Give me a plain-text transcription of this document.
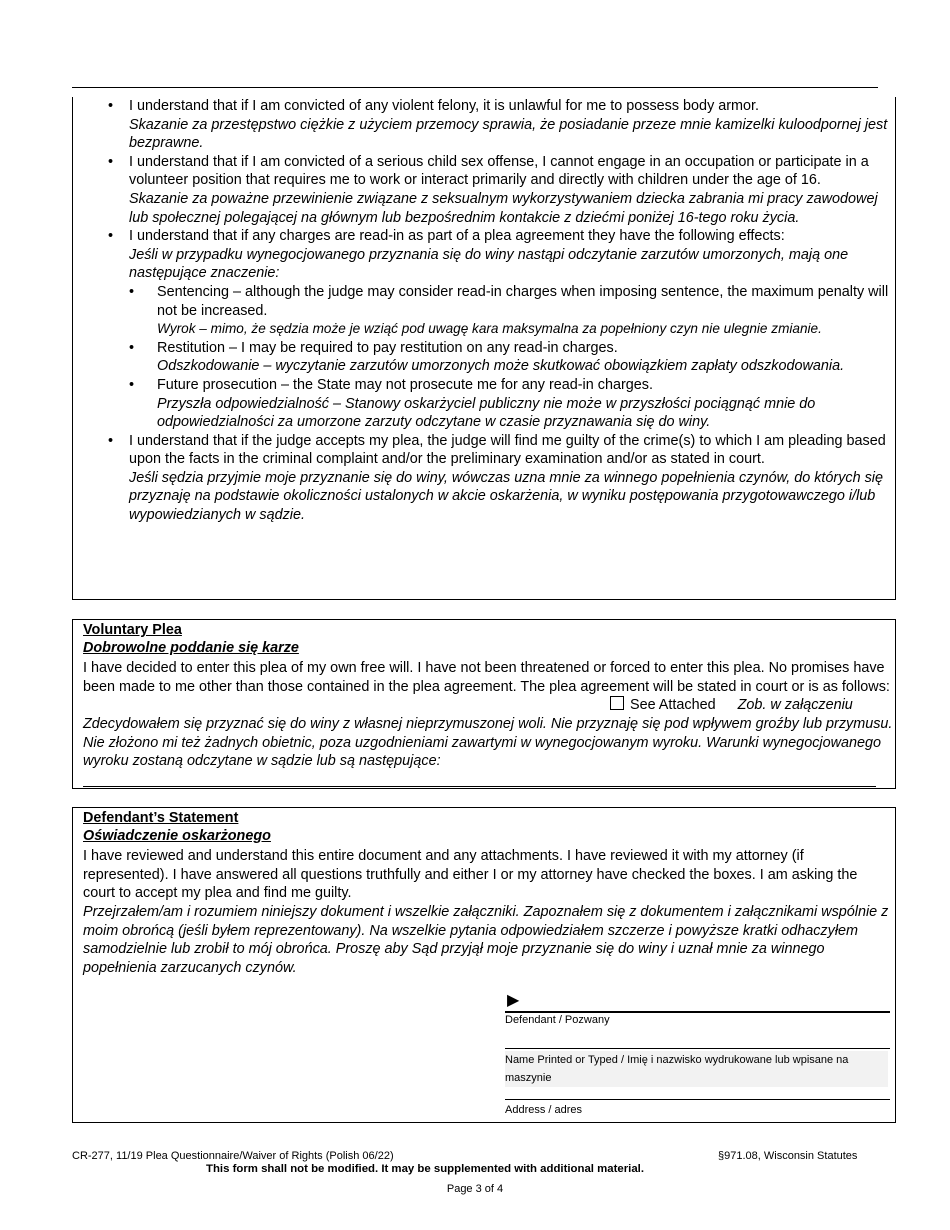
• I understand that if I am convicted of any violent felony, it is unlawful for me to possess body armor.
Skazanie za przestępstwo ciężkie z użyciem przemocy sprawia, że posiadanie przeze mnie kamizelki kuloodpornej jest bezprawne.
• I understand that if I am convicted of a serious child sex offense, I cannot engage in an occupation or participate in a volunteer position that requires me to work or interact primarily and directly with children under the age of 16.
Skazanie za poważne przewinienie związane z seksualnym wykorzystywaniem dziecka zabrania mi pracy zawodowej lub społecznej polegającej na głównym lub bezpośrednim kontakcie z dziećmi poniżej 16-tego roku życia.
• I understand that if any charges are read-in as part of a plea agreement they have the following effects:
Jeśli w przypadku wynegocjowanego przyznania się do winy nastąpi odczytanie zarzutów umorzonych, mają one następujące znaczenie:
• Sentencing – although the judge may consider read-in charges when imposing sentence, the maximum penalty will not be increased.
Wyrok – mimo, że sędzia może je wziąć pod uwagę kara maksymalna za popełniony czyn nie ulegnie zmianie.
• Restitution – I may be required to pay restitution on any read-in charges.
Odszkodowanie – wyczytanie zarzutów umorzonych może skutkować obowiązkiem zapłaty odszkodowania.
• Future prosecution – the State may not prosecute me for any read-in charges.
Przyszła odpowiedzialność – Stanowy oskarżyciel publiczny nie może w przyszłości pociągnąć mnie do odpowiedzialności za umorzone zarzuty odczytane w czasie przyznawania się do winy.
• I understand that if the judge accepts my plea, the judge will find me guilty of the crime(s) to which I am pleading based upon the facts in the criminal complaint and/or the preliminary examination and/or as stated in court.
Jeśli sędzia przyjmie moje przyznanie się do winy, wówczas uzna mnie za winnego popełnienia czynów, do których się przyznaję na podstawie okoliczności ustalonych w akcie oskarżenia, w wyniku postępowania przygotowawczego i/lub wypowiedzianych w sądzie.
Voluntary Plea
Dobrowolne poddanie się karze
I have decided to enter this plea of my own free will. I have not been threatened or forced to enter this plea. No promises have been made to me other than those contained in the plea agreement. The plea agreement will be stated in court or is as follows:
See Attached Zob. w załączeniu
Zdecydowałem się przyznać się do winy z własnej nieprzymuszonej woli. Nie przyznaję się pod wpływem groźby lub przymusu. Nie złożono mi też żadnych obietnic, poza uzgodnieniami zawartymi w wynegocjowanym wyroku. Warunki wynegocjowanego wyroku zostaną odczytane w sądzie lub są następujące:
Defendant’s Statement
Oświadczenie oskarżonego
I have reviewed and understand this entire document and any attachments. I have reviewed it with my attorney (if represented). I have answered all questions truthfully and either I or my attorney have checked the boxes. I am asking the court to accept my plea and find me guilty.
Przejrzałem/am i rozumiem niniejszy dokument i wszelkie załączniki. Zapoznałem się z dokumentem i załącznikami wspólnie z moim obrońcą (jeśli byłem reprezentowany). Na wszelkie pytania odpowiedziałem szczerze i powyższe kratki odhaczyłem samodzielnie lub zrobił to mój obrońca. Proszę aby Sąd przyjął moje przyznanie się do winy i uznał mnie za winnego popełnienia zarzucanych czynów.
▶
Defendant / Pozwany
Name Printed or Typed / Imię i nazwisko wydrukowane lub wpisane na maszynie
Address / adres
CR-277, 11/19 Plea Questionnaire/Waiver of Rights (Polish 06/22)	§971.08, Wisconsin Statutes
This form shall not be modified. It may be supplemented with additional material.
Page 3 of 4
